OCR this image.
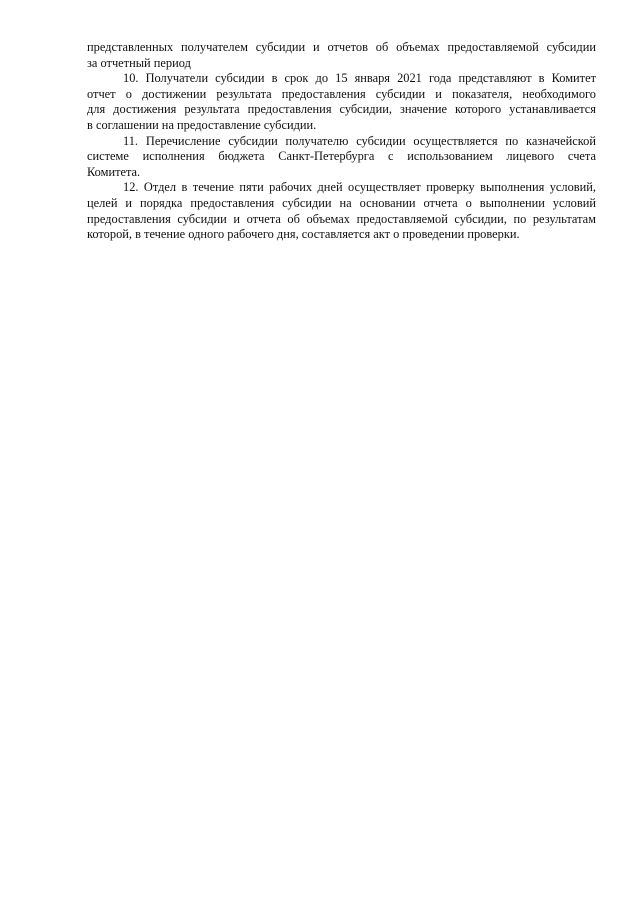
представленных получателем субсидии и отчетов об объемах предоставляемой субсидии
за отчетный период
10. Получатели субсидии в срок до 15 января 2021 года представляют в Комитет
отчет о достижении результата предоставления субсидии и показателя, необходимого
для достижения результата предоставления субсидии, значение которого устанавливается
в соглашении на предоставление субсидии.
11. Перечисление субсидии получателю субсидии осуществляется по казначейской
системе исполнения бюджета Санкт-Петербурга с использованием лицевого счета
Комитета.
12. Отдел в течение пяти рабочих дней осуществляет проверку выполнения условий,
целей и порядка предоставления субсидии на основании отчета о выполнении условий
предоставления субсидии и отчета об объемах предоставляемой субсидии, по результатам
которой, в течение одного рабочего дня, составляется акт о проведении проверки.
